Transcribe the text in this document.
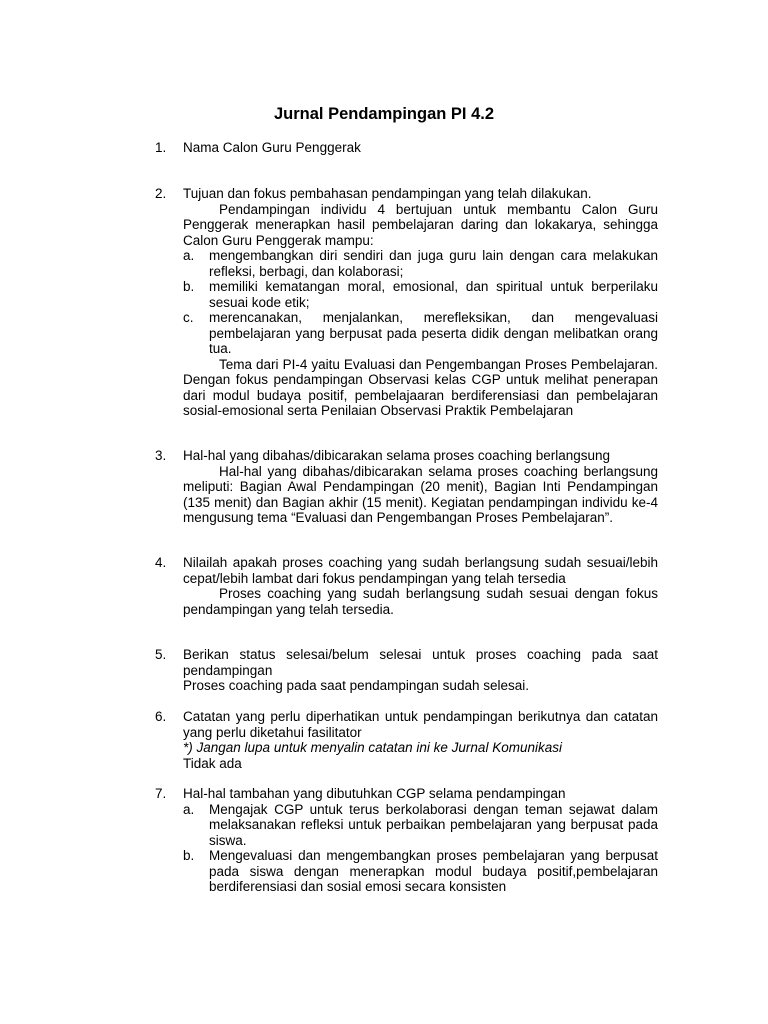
Jurnal Pendampingan PI 4.2
1.	Nama Calon Guru Penggerak

2.	Tujuan dan fokus pembahasan pendampingan yang telah dilakukan.

Pendampingan individu 4 bertujuan untuk membantu Calon Guru Penggerak menerapkan hasil pembelajaran daring dan lokakarya, sehingga Calon Guru Penggerak mampu:

a. mengembangkan diri sendiri dan juga guru lain dengan cara melakukan refleksi, berbagi, dan kolaborasi;

b. memiliki kematangan moral, emosional, dan spiritual untuk berperilaku sesuai kode etik;

c. merencanakan, menjalankan, merefleksikan, dan mengevaluasi pembelajaran yang berpusat pada peserta didik dengan melibatkan orang tua.

Tema dari PI-4 yaitu Evaluasi dan Pengembangan Proses Pembelajaran. Dengan fokus pendampingan Observasi kelas CGP untuk melihat penerapan dari modul budaya positif, pembelajaaran berdiferensiasi dan pembelajaran sosial-emosional serta Penilaian Observasi Praktik Pembelajaran

3.	Hal-hal yang dibahas/dibicarakan selama proses coaching berlangsung

Hal-hal yang dibahas/dibicarakan selama proses coaching berlangsung meliputi: Bagian Awal Pendampingan (20 menit), Bagian Inti Pendampingan (135 menit) dan Bagian akhir (15 menit). Kegiatan pendampingan individu ke-4 mengusung tema “Evaluasi dan Pengembangan Proses Pembelajaran”.

4.	Nilailah apakah proses coaching yang sudah berlangsung sudah sesuai/lebih cepat/lebih lambat dari fokus pendampingan yang telah tersedia

Proses coaching yang sudah berlangsung sudah sesuai dengan fokus pendampingan yang telah tersedia.

5.	Berikan status selesai/belum selesai untuk proses coaching pada saat pendampingan

Proses coaching pada saat pendampingan sudah selesai.

6.	Catatan yang perlu diperhatikan untuk pendampingan berikutnya dan catatan yang perlu diketahui fasilitator

*) Jangan lupa untuk menyalin catatan ini ke Jurnal Komunikasi

Tidak ada

7.	Hal-hal tambahan yang dibutuhkan CGP selama pendampingan

a. Mengajak CGP untuk terus berkolaborasi dengan teman sejawat dalam melaksanakan refleksi untuk perbaikan pembelajaran yang berpusat pada siswa.

b. Mengevaluasi dan mengembangkan proses pembelajaran yang berpusat pada siswa dengan menerapkan modul budaya positif,pembelajaran berdiferensiasi dan sosial emosi secara konsisten
